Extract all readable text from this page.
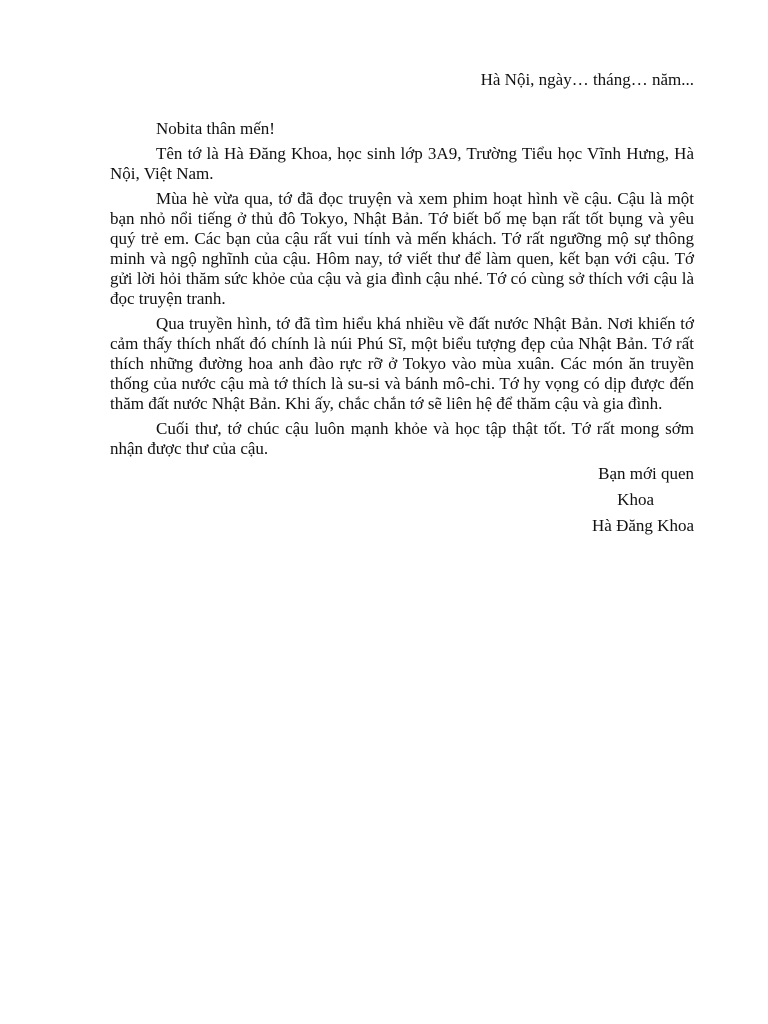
Hà Nội, ngày… tháng… năm...

Nobita thân mến!

Tên tớ là Hà Đăng Khoa, học sinh lớp 3A9, Trường Tiểu học Vĩnh Hưng, Hà Nội, Việt Nam.

Mùa hè vừa qua, tớ đã đọc truyện và xem phim hoạt hình về cậu. Cậu là một bạn nhỏ nổi tiếng ở thủ đô Tokyo, Nhật Bản. Tớ biết bố mẹ bạn rất tốt bụng và yêu quý trẻ em. Các bạn của cậu rất vui tính và mến khách. Tớ rất ngưỡng mộ sự thông minh và ngộ nghĩnh của cậu. Hôm nay, tớ viết thư để làm quen, kết bạn với cậu. Tớ gửi lời hỏi thăm sức khỏe của cậu và gia đình cậu nhé. Tớ có cùng sở thích với cậu là đọc truyện tranh.

Qua truyền hình, tớ đã tìm hiểu khá nhiều về đất nước Nhật Bản. Nơi khiến tớ cảm thấy thích nhất đó chính là núi Phú Sĩ, một biểu tượng đẹp của Nhật Bản. Tớ rất thích những đường hoa anh đào rực rỡ ở Tokyo vào mùa xuân. Các món ăn truyền thống của nước cậu mà tớ thích là su-si và bánh mô-chi. Tớ hy vọng có dịp được đến thăm đất nước Nhật Bản. Khi ấy, chắc chắn tớ sẽ liên hệ để thăm cậu và gia đình.

Cuối thư, tớ chúc cậu luôn mạnh khỏe và học tập thật tốt. Tớ rất mong sớm nhận được thư của cậu.

Bạn mới quen

Khoa

Hà Đăng Khoa
